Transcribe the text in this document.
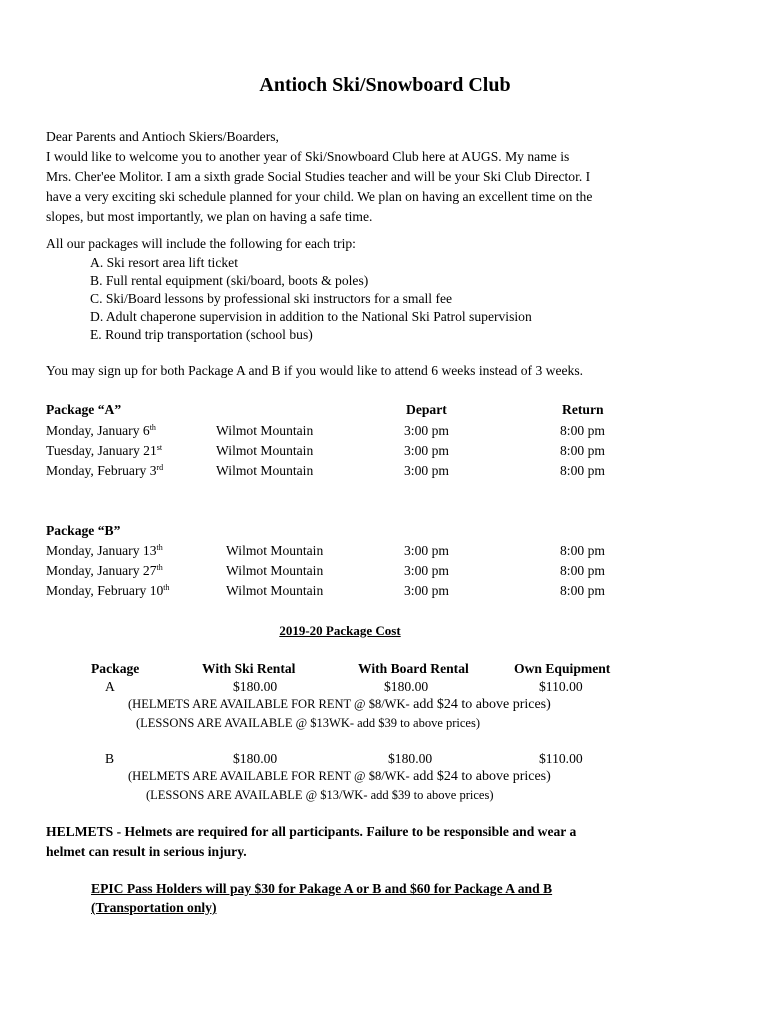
Antioch Ski/Snowboard Club
Dear Parents and Antioch Skiers/Boarders,
I would like to welcome you to another year of Ski/Snowboard Club here at AUGS. My name is
Mrs. Cher'ee Molitor. I am a sixth grade Social Studies teacher and will be your Ski Club Director. I
have a very exciting ski schedule planned for your child. We plan on having an excellent time on the
slopes, but most importantly, we plan on having a safe time.
All our packages will include the following for each trip:
A. Ski resort area lift ticket
B. Full rental equipment (ski/board, boots & poles)
C. Ski/Board lessons by professional ski instructors for a small fee
D. Adult chaperone supervision in addition to the National Ski Patrol supervision
E. Round trip transportation (school bus)
You may sign up for both Package A and B if you would like to attend 6 weeks instead of 3 weeks.
Package “A”	Depart	Return
Monday, January 6th	Wilmot Mountain	3:00 pm	8:00 pm
Tuesday, January 21st	Wilmot Mountain	3:00 pm	8:00 pm
Monday, February 3rd	Wilmot Mountain	3:00 pm	8:00 pm
Package “B”
Monday, January 13th	Wilmot Mountain	3:00 pm	8:00 pm
Monday, January 27th	Wilmot Mountain	3:00 pm	8:00 pm
Monday, February 10th	Wilmot Mountain	3:00 pm	8:00 pm
2019-20 Package Cost
Package	With Ski Rental	With Board Rental	Own Equipment
A	$180.00	$180.00	$110.00
(HELMETS ARE AVAILABLE FOR RENT @ $8/WK- add $24 to above prices)
(LESSONS ARE AVAILABLE @ $13WK- add $39 to above prices)
B	$180.00	$180.00	$110.00
(HELMETS ARE AVAILABLE FOR RENT @ $8/WK- add $24 to above prices)
(LESSONS ARE AVAILABLE @ $13/WK- add $39 to above prices)
HELMETS - Helmets are required for all participants. Failure to be responsible and wear a
helmet can result in serious injury.
EPIC Pass Holders will pay $30 for Pakage A or B and $60 for Package A and B
(Transportation only)
